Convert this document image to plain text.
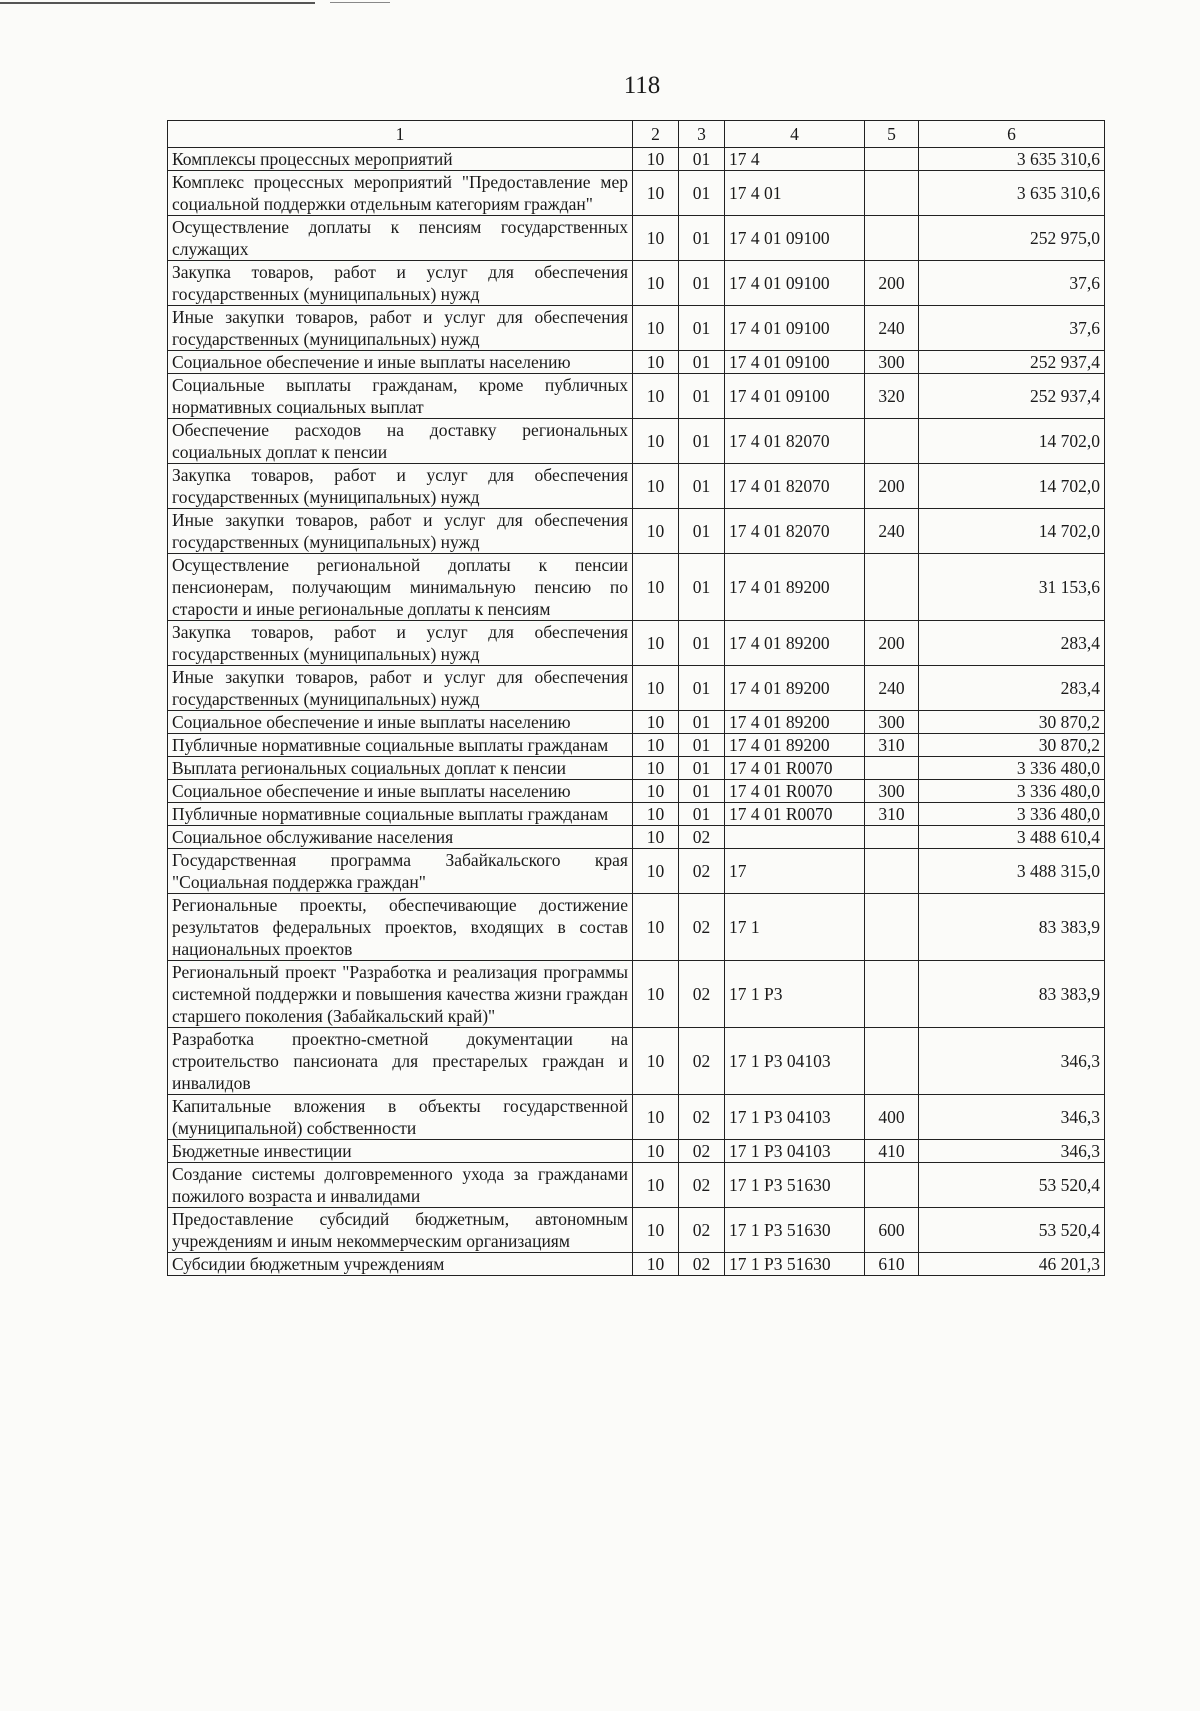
118
1	2	3	4	5	6
Комплексы процессных мероприятий	10	01	17 4		3 635 310,6
Комплекс процессных мероприятий "Предоставление мер социальной поддержки отдельным категориям граждан"	10	01	17 4 01		3 635 310,6
Осуществление доплаты к пенсиям государственных служащих	10	01	17 4 01 09100		252 975,0
Закупка товаров, работ и услуг для обеспечения государственных (муниципальных) нужд	10	01	17 4 01 09100	200	37,6
Иные закупки товаров, работ и услуг для обеспечения государственных (муниципальных) нужд	10	01	17 4 01 09100	240	37,6
Социальное обеспечение и иные выплаты населению	10	01	17 4 01 09100	300	252 937,4
Социальные выплаты гражданам, кроме публичных нормативных социальных выплат	10	01	17 4 01 09100	320	252 937,4
Обеспечение расходов на доставку региональных социальных доплат к пенсии	10	01	17 4 01 82070		14 702,0
Закупка товаров, работ и услуг для обеспечения государственных (муниципальных) нужд	10	01	17 4 01 82070	200	14 702,0
Иные закупки товаров, работ и услуг для обеспечения государственных (муниципальных) нужд	10	01	17 4 01 82070	240	14 702,0
Осуществление региональной доплаты к пенсии пенсионерам, получающим минимальную пенсию по старости и иные региональные доплаты к пенсиям	10	01	17 4 01 89200		31 153,6
Закупка товаров, работ и услуг для обеспечения государственных (муниципальных) нужд	10	01	17 4 01 89200	200	283,4
Иные закупки товаров, работ и услуг для обеспечения государственных (муниципальных) нужд	10	01	17 4 01 89200	240	283,4
Социальное обеспечение и иные выплаты населению	10	01	17 4 01 89200	300	30 870,2
Публичные нормативные социальные выплаты гражданам	10	01	17 4 01 89200	310	30 870,2
Выплата региональных социальных доплат к пенсии	10	01	17 4 01 R0070		3 336 480,0
Социальное обеспечение и иные выплаты населению	10	01	17 4 01 R0070	300	3 336 480,0
Публичные нормативные социальные выплаты гражданам	10	01	17 4 01 R0070	310	3 336 480,0
Социальное обслуживание населения	10	02			3 488 610,4
Государственная программа Забайкальского края "Социальная поддержка граждан"	10	02	17		3 488 315,0
Региональные проекты, обеспечивающие достижение результатов федеральных проектов, входящих в состав национальных проектов	10	02	17 1		83 383,9
Региональный проект "Разработка и реализация программы системной поддержки и повышения качества жизни граждан старшего поколения (Забайкальский край)"	10	02	17 1 P3		83 383,9
Разработка проектно-сметной документации на строительство пансионата для престарелых граждан и инвалидов	10	02	17 1 P3 04103		346,3
Капитальные вложения в объекты государственной (муниципальной) собственности	10	02	17 1 P3 04103	400	346,3
Бюджетные инвестиции	10	02	17 1 P3 04103	410	346,3
Создание системы долговременного ухода за гражданами пожилого возраста и инвалидами	10	02	17 1 P3 51630		53 520,4
Предоставление субсидий бюджетным, автономным учреждениям и иным некоммерческим организациям	10	02	17 1 P3 51630	600	53 520,4
Субсидии бюджетным учреждениям	10	02	17 1 P3 51630	610	46 201,3
